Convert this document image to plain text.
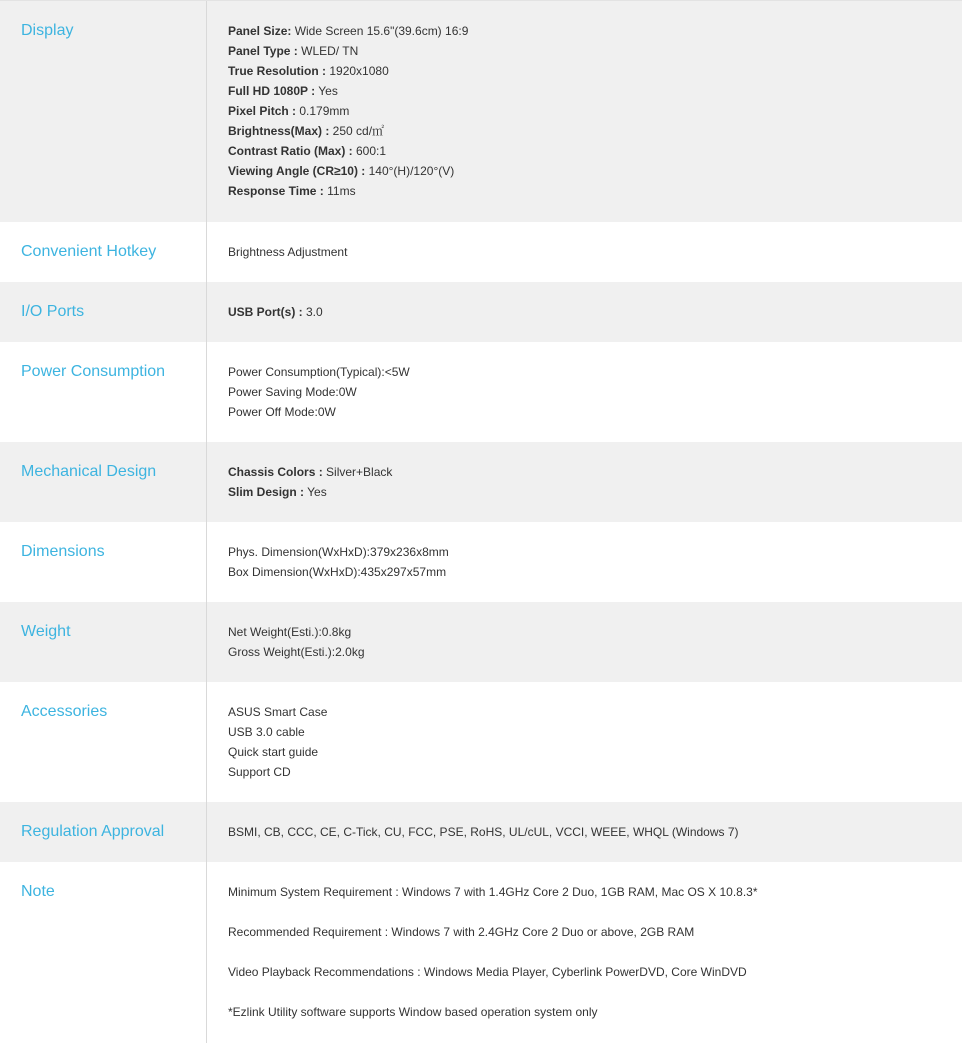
Display	Panel Size: Wide Screen 15.6"(39.6cm) 16:9
Panel Type : WLED/ TN
True Resolution : 1920x1080
Full HD 1080P : Yes
Pixel Pitch : 0.179mm
Brightness(Max) : 250 cd/㎡
Contrast Ratio (Max) : 600:1
Viewing Angle (CR≥10) : 140°(H)/120°(V)
Response Time : 11ms
Convenient Hotkey	Brightness Adjustment
I/O Ports	USB Port(s) : 3.0
Power Consumption	Power Consumption(Typical):<5W
Power Saving Mode:0W
Power Off Mode:0W
Mechanical Design	Chassis Colors : Silver+Black
Slim Design : Yes
Dimensions	Phys. Dimension(WxHxD):379x236x8mm
Box Dimension(WxHxD):435x297x57mm
Weight	Net Weight(Esti.):0.8kg
Gross Weight(Esti.):2.0kg
Accessories	ASUS Smart Case
USB 3.0 cable
Quick start guide
Support CD
Regulation Approval	BSMI, CB, CCC, CE, C-Tick, CU, FCC, PSE, RoHS, UL/cUL, VCCI, WEEE, WHQL (Windows 7)
Note	Minimum System Requirement : Windows 7 with 1.4GHz Core 2 Duo, 1GB RAM, Mac OS X 10.8.3*
Recommended Requirement : Windows 7 with 2.4GHz Core 2 Duo or above, 2GB RAM
Video Playback Recommendations : Windows Media Player, Cyberlink PowerDVD, Core WinDVD
*Ezlink Utility software supports Window based operation system only
